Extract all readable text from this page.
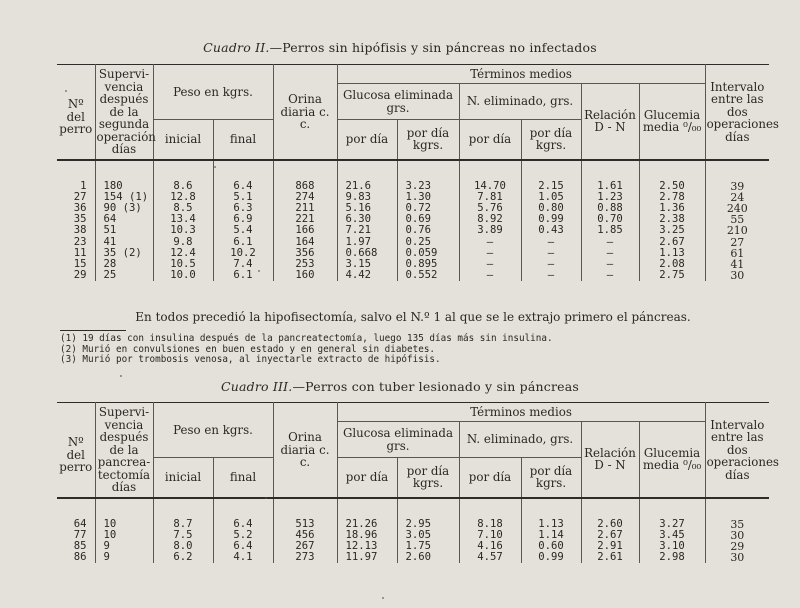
Cuadro II.—Perros sin hipófisis y sin páncreas no infectados
Nº del perro	Supervi-vencia después de la segunda operación días	Peso en kgrs.		Orina diaria c. c.	Términos medios						Intervalo entre las dos operaciones días
					Glucosa eliminada grs.		N. eliminado, grs.		Relación D - N	Glucemia media ⁰/₀₀	
		inicial	final		por día	por día kgrs.	por día	por día kgrs.			

1	180	8.6	6.4	868	21.6	3.23	14.70	2.15	1.61	2.50	39
27	154 (1)	12.8	5.1	274	9.83	1.30	7.81	1.05	1.23	2.78	24
36	90 (3)	8.5	6.3	211	5.16	0.72	5.76	0.80	0.88	1.36	240
35	64	13.4	6.9	221	6.30	0.69	8.92	0.99	0.70	2.38	55
38	51	10.3	5.4	166	7.21	0.76	3.89	0.43	1.85	3.25	210
23	41	9.8	6.1	164	1.97	0.25	—	—	—	2.67	27
11	35 (2)	12.4	10.2	356	0.668	0.059	—	—	—	1.13	61
15	28	10.5	7.4	253	3.15	0.895	—	—	—	2.08	41
29	25	10.0	6.1	160	4.42	0.552	—	—	—	2.75	30
En todos precedió la hipofisectomía, salvo el N.º 1 al que se le extrajo primero el páncreas.
(1) 19 días con insulina después de la pancreatectomía, luego 135 días más sin insulina.
(2) Murió en convulsiones en buen estado y en general sin diabetes.
(3) Murió por trombosis venosa, al inyectarle extracto de hipófisis.
Cuadro III.—Perros con tuber lesionado y sin páncreas
Nº del perro	Supervi-vencia después de la pancrea-tectomía días	Peso en kgrs.		Orina diaria c. c.	Términos medios						Intervalo entre las dos operaciones días
					Glucosa eliminada grs.		N. eliminado, grs.		Relación D - N	Glucemia media ⁰/₀₀	
		inicial	final		por día	por día kgrs.	por día	por día kgrs.			

64	10	8.7	6.4	513	21.26	2.95	8.18	1.13	2.60	3.27	35
77	10	7.5	5.2	456	18.96	3.05	7.10	1.14	2.67	3.45	30
85	9	8.0	6.4	267	12.13	1.75	4.16	0.60	2.91	3.10	29
86	9	6.2	4.1	273	11.97	2.60	4.57	0.99	2.61	2.98	30
